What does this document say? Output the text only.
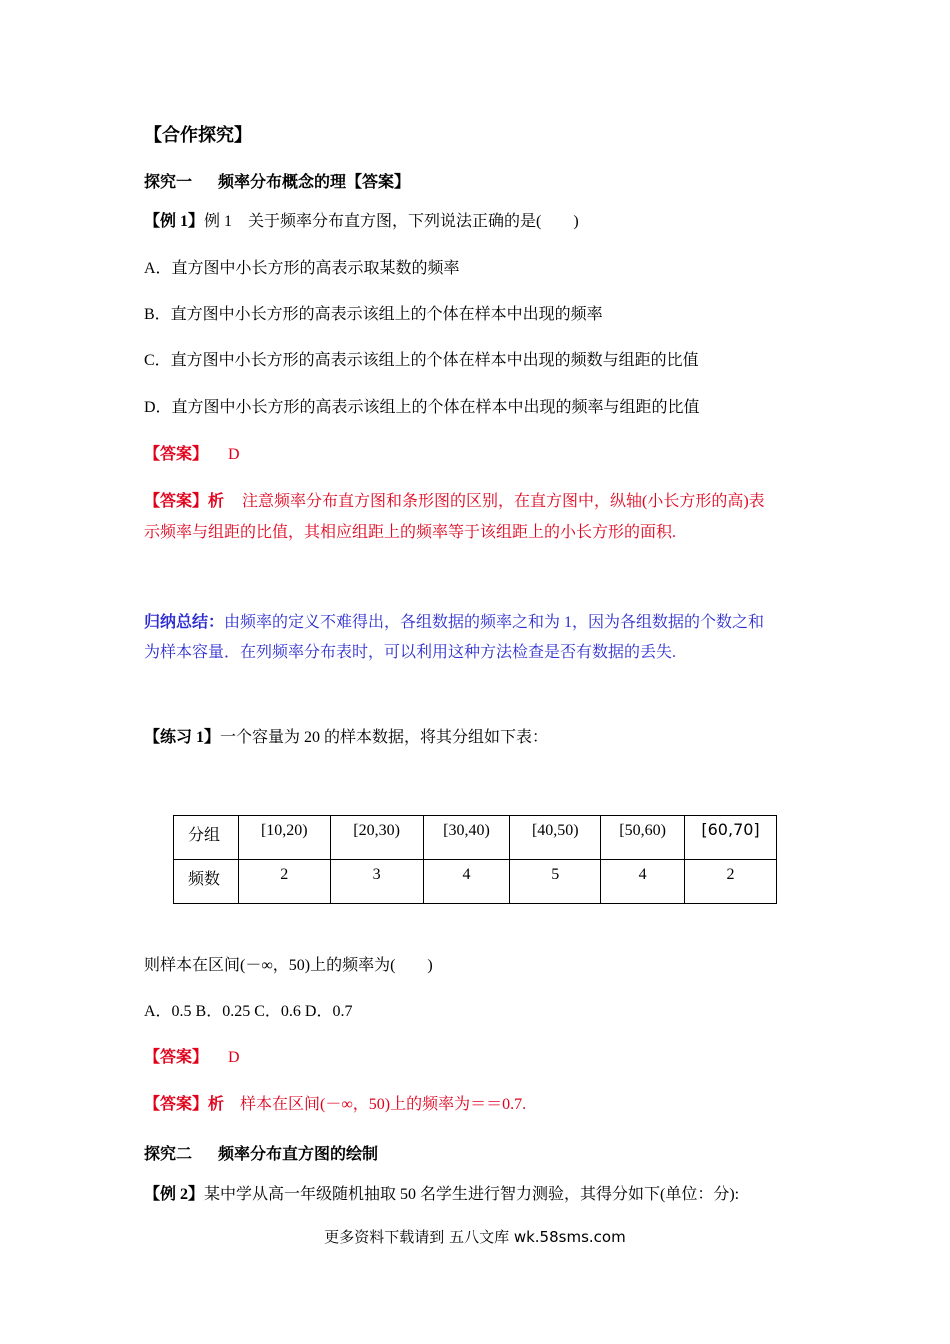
【合作探究】
探究一 频率分布概念的理【答案】
【例 1】例 1　关于频率分布直方图，下列说法正确的是(　　)
A．直方图中小长方形的高表示取某数的频率
B．直方图中小长方形的高表示该组上的个体在样本中出现的频率
C．直方图中小长方形的高表示该组上的个体在样本中出现的频数与组距的比值
D．直方图中小长方形的高表示该组上的个体在样本中出现的频率与组距的比值
【答案】 D
【答案】析 注意频率分布直方图和条形图的区别，在直方图中，纵轴(小长方形的高)表
示频率与组距的比值，其相应组距上的频率等于该组距上的小长方形的面积.
归纳总结：由频率的定义不难得出，各组数据的频率之和为 1，因为各组数据的个数之和
为样本容量．在列频率分布表时，可以利用这种方法检查是否有数据的丢失.
【练习 1】一个容量为 20 的样本数据，将其分组如下表：
分组	[10,20)	[20,30)	[30,40)	[40,50)	[50,60)	[60,70]

频数	2	3	4	5	4	2
则样本在区间(－∞，50)上的频率为(　　)
A．0.5 B．0.25 C．0.6 D．0.7
【答案】 D
【答案】析 样本在区间(－∞，50)上的频率为＝＝0.7.
探究二 频率分布直方图的绘制
【例 2】某中学从高一年级随机抽取 50 名学生进行智力测验，其得分如下(单位：分):
更多资料下载请到 五八文库 wk.58sms.com
